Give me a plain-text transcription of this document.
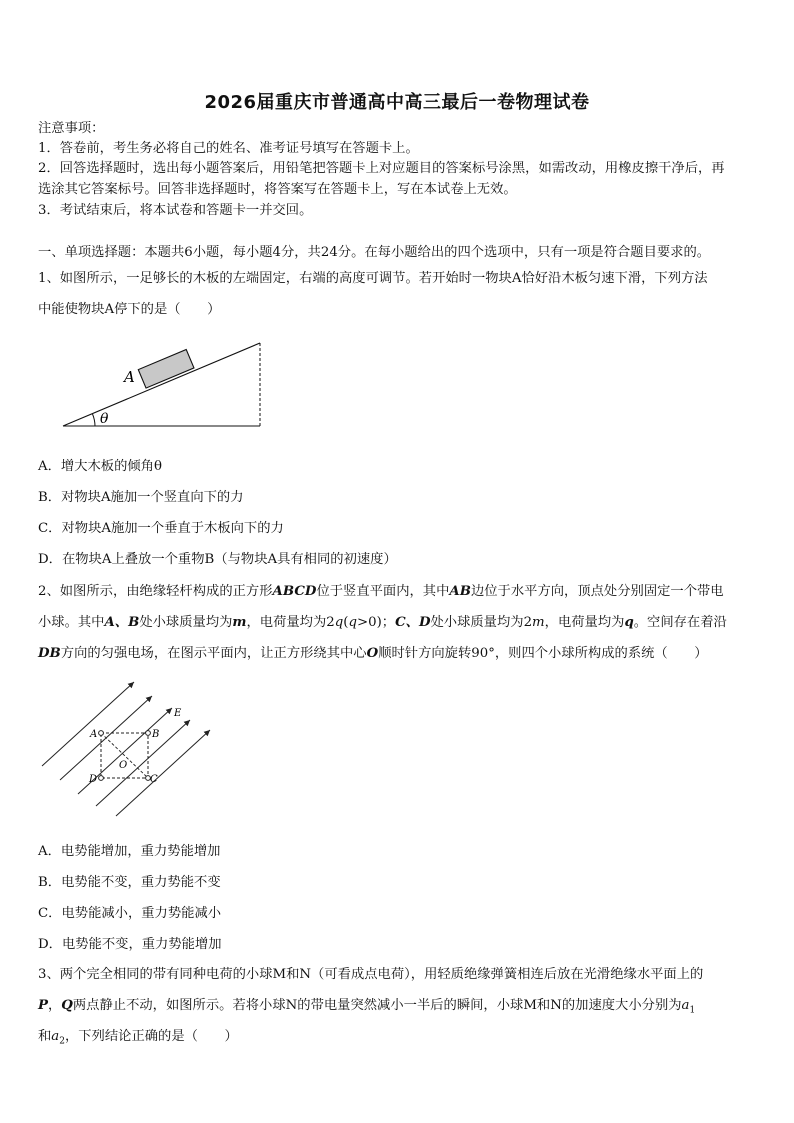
2026届重庆市普通高中高三最后一卷物理试卷
注意事项：
1．答卷前，考生务必将自己的姓名、准考证号填写在答题卡上。
2．回答选择题时，选出每小题答案后，用铅笔把答题卡上对应题目的答案标号涂黑，如需改动，用橡皮擦干净后，再
选涂其它答案标号。回答非选择题时，将答案写在答题卡上，写在本试卷上无效。
3．考试结束后，将本试卷和答题卡一并交回。
一、单项选择题：本题共6小题，每小题4分，共24分。在每小题给出的四个选项中，只有一项是符合题目要求的。
1、如图所示，一足够长的木板的左端固定，右端的高度可调节。若开始时一物块A恰好沿木板匀速下滑，下列方法
中能使物块A停下的是（　　）
A
θ
A．增大木板的倾角θ
B．对物块A施加一个竖直向下的力
C．对物块A施加一个垂直于木板向下的力
D．在物块A上叠放一个重物B（与物块A具有相同的初速度）
2、如图所示，由绝缘轻杆构成的正方形ABCD位于竖直平面内，其中AB边位于水平方向，顶点处分别固定一个带电
小球。其中A、B处小球质量均为m，电荷量均为2q(q>0)；C、D处小球质量均为2m，电荷量均为q。空间存在着沿
DB方向的匀强电场，在图示平面内，让正方形绕其中心O顺时针方向旋转90°，则四个小球所构成的系统（　　）
A	B
C
D
O
E
A．电势能增加，重力势能增加
B．电势能不变，重力势能不变
C．电势能减小，重力势能减小
D．电势能不变，重力势能增加
3、两个完全相同的带有同种电荷的小球M和N（可看成点电荷），用轻质绝缘弹簧相连后放在光滑绝缘水平面上的
P，Q两点静止不动，如图所示。若将小球N的带电量突然减小一半后的瞬间，小球M和N的加速度大小分别为$a_1$
和$a_2$，下列结论正确的是（　　）
